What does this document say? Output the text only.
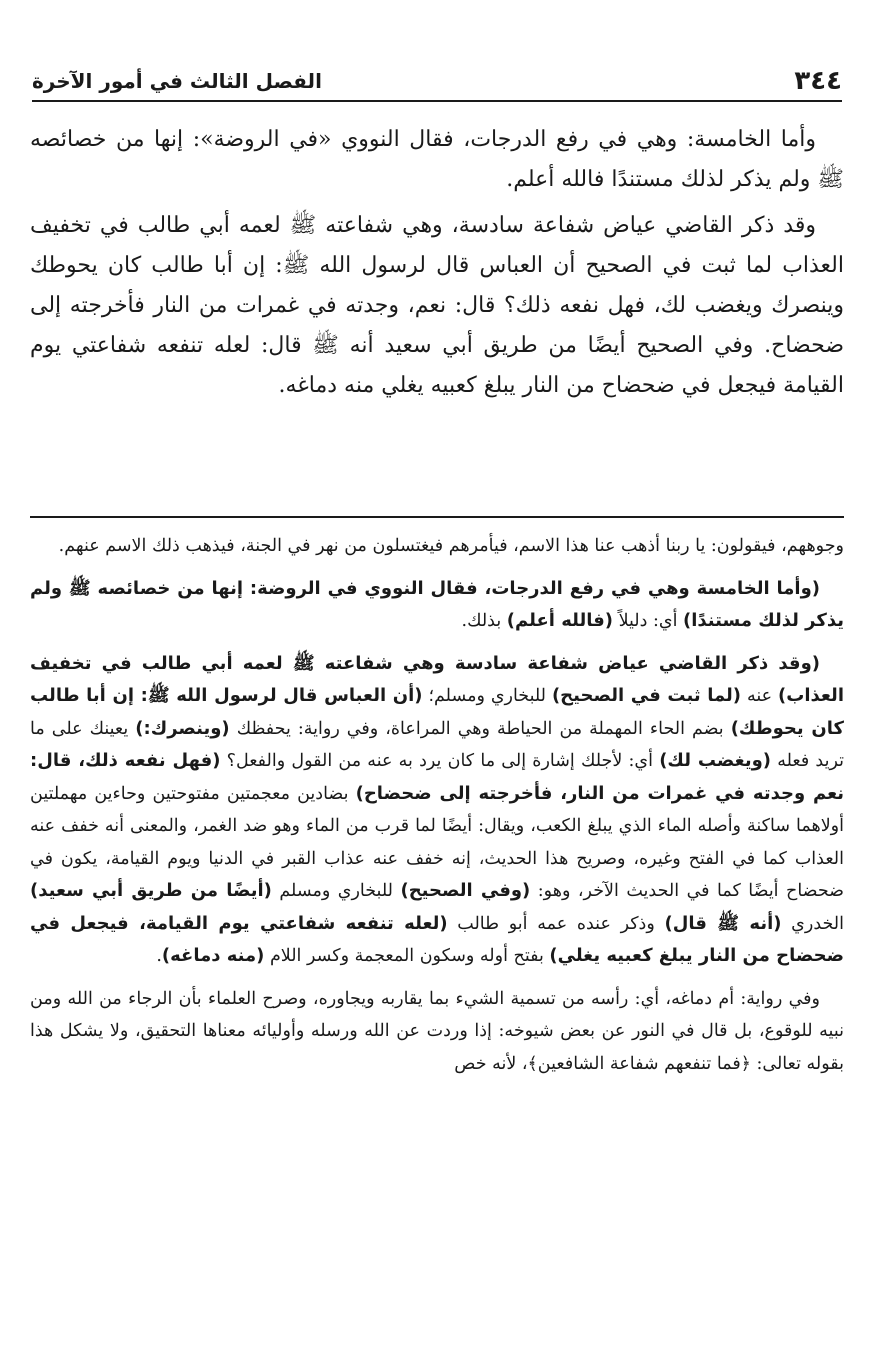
٣٤٤
الفصل الثالث في أمور الآخرة

وأما الخامسة: وهي في رفع الدرجات، فقال النووي «في الروضة»: إنها من خصائصه ﷺ ولم يذكر لذلك مستندًا فالله أعلم.

وقد ذكر القاضي عياض شفاعة سادسة، وهي شفاعته ﷺ لعمه أبي طالب في تخفيف العذاب لما ثبت في الصحيح أن العباس قال لرسول الله ﷺ: إن أبا طالب كان يحوطك وينصرك ويغضب لك، فهل نفعه ذلك؟ قال: نعم، وجدته في غمرات من النار فأخرجته إلى ضحضاح. وفي الصحيح أيضًا من طريق أبي سعيد أنه ﷺ قال: لعله تنفعه شفاعتي يوم القيامة فيجعل في ضحضاح من النار يبلغ كعبيه يغلي منه دماغه.

وجوههم، فيقولون: يا ربنا أذهب عنا هذا الاسم، فيأمرهم فيغتسلون من نهر في الجنة، فيذهب ذلك الاسم عنهم.

(وأما الخامسة وهي في رفع الدرجات، فقال النووي في الروضة: إنها من خصائصه ﷺ ولم يذكر لذلك مستندًا) أي: دليلاً (فالله أعلم) بذلك.

(وقد ذكر القاضي عياض شفاعة سادسة وهي شفاعته ﷺ لعمه أبي طالب في تخفيف العذاب) عنه (لما ثبت في الصحيح) للبخاري ومسلم؛ (أن العباس قال لرسول الله ﷺ: إن أبا طالب كان يحوطك) بضم الحاء المهملة من الحياطة وهي المراعاة، وفي رواية: يحفظك (وينصرك:) يعينك على ما تريد فعله (ويغضب لك) أي: لأجلك إشارة إلى ما كان يرد به عنه من القول والفعل؟ (فهل نفعه ذلك، قال: نعم وجدته في غمرات من النار، فأخرجته إلى ضحضاح) بضادين معجمتين مفتوحتين وحاءين مهملتين أولاهما ساكنة وأصله الماء الذي يبلغ الكعب، ويقال: أيضًا لما قرب من الماء وهو ضد الغمر، والمعنى أنه خفف عنه العذاب كما في الفتح وغيره، وصريح هذا الحديث، إنه خفف عنه عذاب القبر في الدنيا ويوم القيامة، يكون في ضحضاح أيضًا كما في الحديث الآخر، وهو: (وفي الصحيح) للبخاري ومسلم (أيضًا من طريق أبي سعيد) الخدري (أنه ﷺ قال) وذكر عنده عمه أبو طالب (لعله تنفعه شفاعتي يوم القيامة، فيجعل في ضحضاح من النار يبلغ كعبيه يغلي) بفتح أوله وسكون المعجمة وكسر اللام (منه دماغه).

وفي رواية: أم دماغه، أي: رأسه من تسمية الشيء بما يقاربه ويجاوره، وصرح العلماء بأن الرجاء من الله ومن نبيه للوقوع، بل قال في النور عن بعض شيوخه: إذا وردت عن الله ورسله وأوليائه معناها التحقيق، ولا يشكل هذا بقوله تعالى: ﴿فما تنفعهم شفاعة الشافعين﴾، لأنه خص
